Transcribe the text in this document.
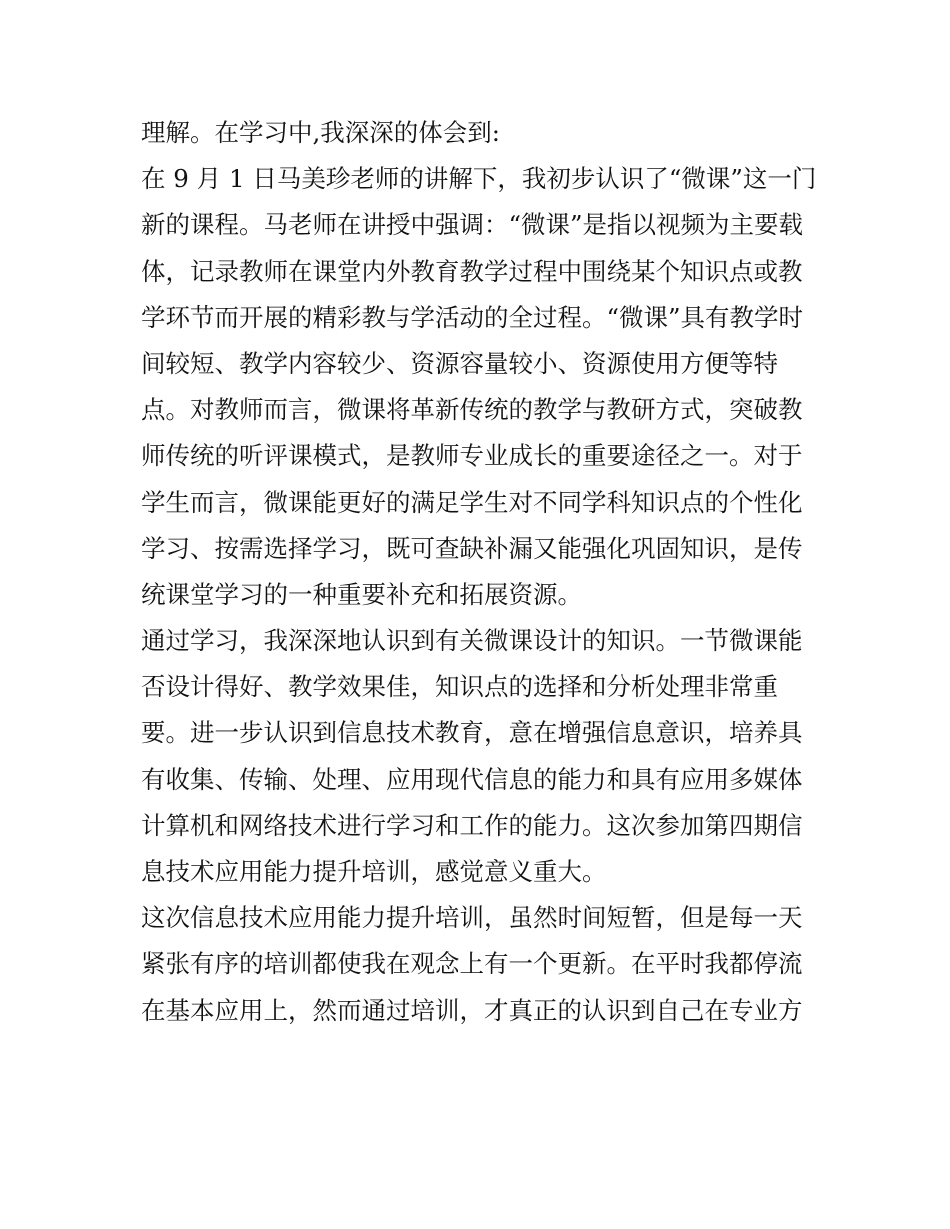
理解。在学习中,我深深的体会到:
在 9 月 1 日马美珍老师的讲解下，我初步认识了“微课”这一门
新的课程。马老师在讲授中强调：“微课”是指以视频为主要载
体，记录教师在课堂内外教育教学过程中围绕某个知识点或教
学环节而开展的精彩教与学活动的全过程。“微课”具有教学时
间较短、教学内容较少、资源容量较小、资源使用方便等特
点。对教师而言，微课将革新传统的教学与教研方式，突破教
师传统的听评课模式，是教师专业成长的重要途径之一。对于
学生而言，微课能更好的满足学生对不同学科知识点的个性化
学习、按需选择学习，既可查缺补漏又能强化巩固知识，是传
统课堂学习的一种重要补充和拓展资源。
通过学习，我深深地认识到有关微课设计的知识。一节微课能
否设计得好、教学效果佳，知识点的选择和分析处理非常重
要。进一步认识到信息技术教育，意在增强信息意识，培养具
有收集、传输、处理、应用现代信息的能力和具有应用多媒体
计算机和网络技术进行学习和工作的能力。这次参加第四期信
息技术应用能力提升培训，感觉意义重大。
这次信息技术应用能力提升培训，虽然时间短暂，但是每一天
紧张有序的培训都使我在观念上有一个更新。在平时我都停流
在基本应用上，然而通过培训，才真正的认识到自己在专业方
